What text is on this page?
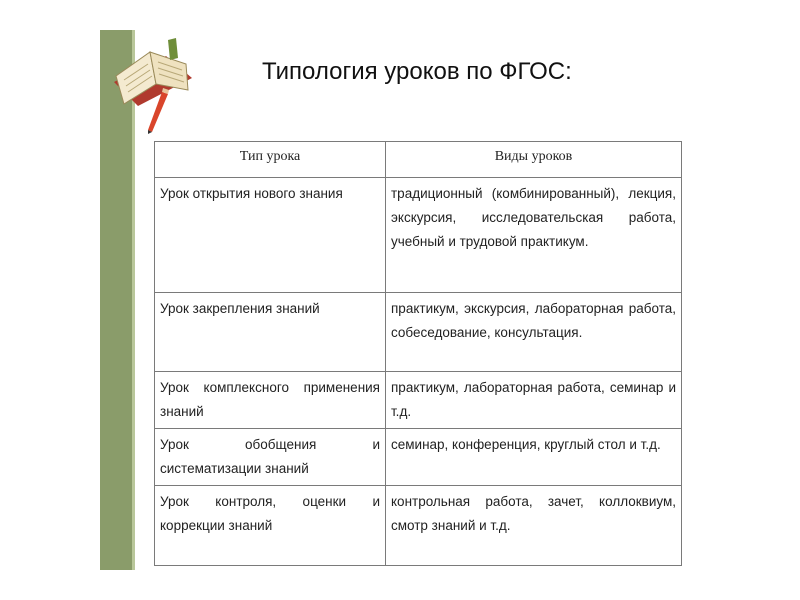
Типология уроков по ФГОС:
Тип урока	Виды уроков
Урок открытия нового знания	традиционный (комбинированный), лекция, экскурсия, исследовательская работа, учебный и трудовой практикум.
Урок закрепления знаний	практикум, экскурсия, лабораторная работа, собеседование, консультация.
Урок комплексного применения знаний	практикум, лабораторная работа, семинар и т.д.
Урок обобщения и систематизации знаний	семинар, конференция, круглый стол и т.д.
Урок контроля, оценки и коррекции знаний	контрольная работа, зачет, коллоквиум, смотр знаний и т.д.
